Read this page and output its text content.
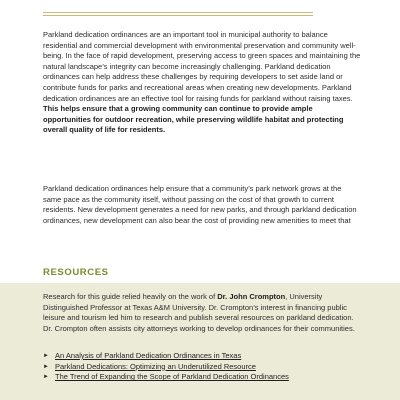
Parkland dedication ordinances are an important tool in municipal authority to balance residential and commercial development with environmental preservation and community well-being. In the face of rapid development, preserving access to green spaces and maintaining the natural landscape’s integrity can become increasingly challenging. Parkland dedication ordinances can help address these challenges by requiring developers to set aside land or contribute funds for parks and recreational areas when creating new developments. Parkland dedication ordinances are an effective tool for raising funds for parkland without raising taxes. This helps ensure that a growing community can continue to provide ample opportunities for outdoor recreation, while preserving wildlife habitat and protecting overall quality of life for residents.

Parkland dedication ordinances help ensure that a community’s park network grows at the same pace as the community itself, without passing on the cost of that growth to current residents. New development generates a need for new parks, and through parkland dedication ordinances, new development can also bear the cost of providing new amenities to meet that

RESOURCES

Research for this guide relied heavily on the work of Dr. John Crompton, University Distinguished Professor at Texas A&M University. Dr. Crompton’s interest in financing public leisure and tourism led him to research and publish several resources on parkland dedication. Dr. Crompton often assists city attorneys working to develop ordinances for their communities.

► An Analysis of Parkland Dedication Ordinances in Texas
► Parkland Dedications: Optimizing an Underutilized Resource
► The Trend of Expanding the Scope of Parkland Dedication Ordinances
